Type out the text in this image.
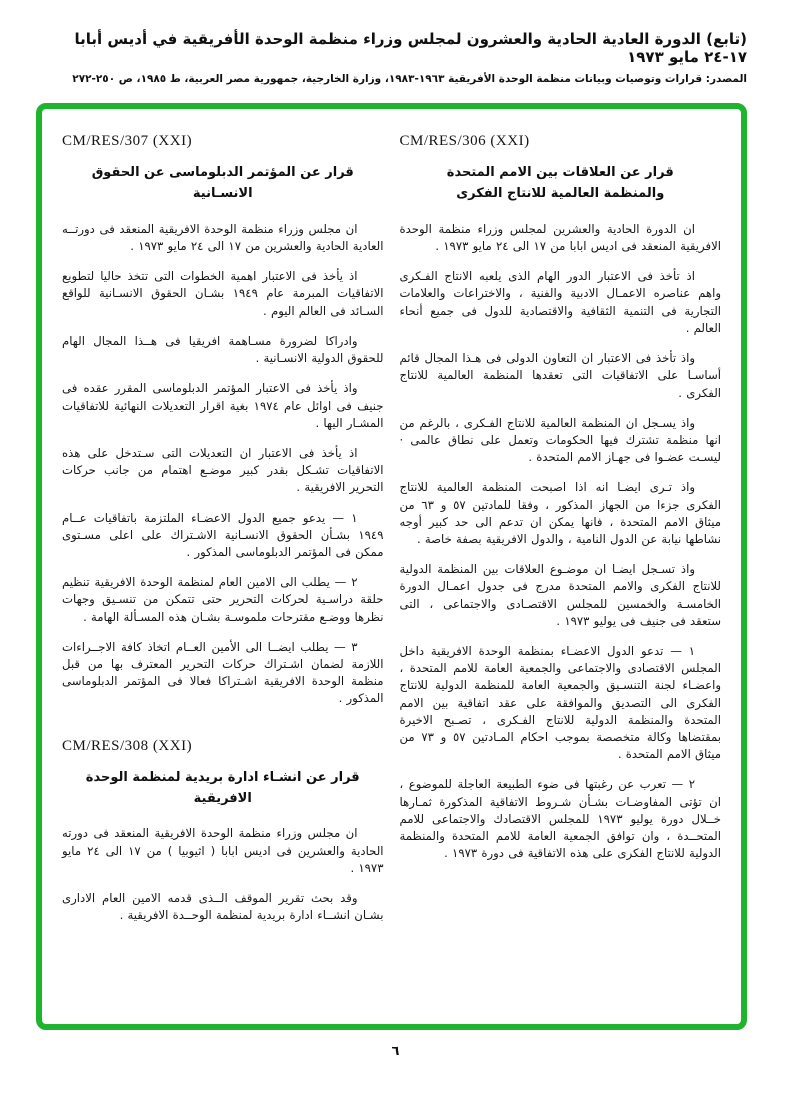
(تابع) الدورة العادية الحادية والعشرون لمجلس وزراء منظمة الوحدة الأفريقية في أديس أبابا ١٧-٢٤ مايو ١٩٧٣
المصدر: قرارات وتوصيات وبيانات منظمة الوحدة الأفريقية ١٩٦٣-١٩٨٣، وزارة الخارجية، جمهورية مصر العربية، ط ١٩٨٥، ص ٢٥٠-٢٧٢
CM/RES/306 (XXI)
قرار عن العلاقات بين الامم المتحدة
والمنظمة العالمية للانتاج الفكرى

ان الدورة الحادية والعشرين لمجلس وزراء منظمة الوحدة الافريقية المنعقد فى اديس ابابا من ١٧ الى ٢٤ مايو ١٩٧٣ .

اذ تأخذ فى الاعتبار الدور الهام الذى يلعبه الانتاج الفـكرى واهم عناصره الاعمـال الادبية والفنية ، والاختراعات والعلامات التجارية فى التنمية الثقافية والاقتصادية للدول فى جميع أنحاء العالم .

واذ تأخذ فى الاعتبار ان التعاون الدولى فى هـذا المجال قائم أساسـا على الاتفاقيات التى تعقدها المنظمة العالمية للانتاج الفكرى .

واذ يسـجل ان المنظمة العالمية للانتاج الفـكرى ، بالرغم من انها منظمة تشترك فيها الحكومات وتعمل على نطاق عالمى · ليسـت عضـوا فى جهـاز الامم المتحدة .

واذ تـرى ايضـا انه اذا اصبحت المنظمة العالمية للانتاج الفكرى جزءا من الجهاز المذكور ، وفقا للمادتين ٥٧ و ٦٣ من ميثاق الامم المتحدة ، فانها يمكن ان تدعم الى حد كبير أوجه نشاطها نيابة عن الدول النامية ، والدول الافريقية بصفة خاصة .

واذ تسـجل ايضـا ان موضـوع العلاقات بين المنظمة الدولية للانتاج الفكرى والامم المتحدة مدرج فى جدول اعمـال الدورة الخامسـة والخمسين للمجلس الاقتصـادى والاجتماعى ، التى ستعقد فى جنيف فى يوليو ١٩٧٣ .

١ — تدعو الدول الاعضـاء بمنظمة الوحدة الافريقية داخل المجلس الاقتصادى والاجتماعى والجمعية العامة للامم المتحدة ، واعضـاء لجنة التنسـيق والجمعية العامة للمنظمة الدولية للانتاج الفكرى الى التصديق والموافقة على عقد اتفاقية بين الامم المتحدة والمنظمة الدولية للانتاج الفـكرى ، تصـبح الاخيرة بمقتضاها وكالة متخصصة بموجب احكام المـادتين ٥٧ و ٧٣ من ميثاق الامم المتحدة .

٢ — تعرب عن رغبتها فى ضوء الطبيعة العاجلة للموضوع ، ان تؤتى المفاوضـات بشـأن شـروط الاتفاقية المذكورة ثمـارها خــلال دورة يوليو ١٩٧٣ للمجلس الاقتصادك والاجتماعى للامم المتحــدة ، وان توافق الجمعية العامة للامم المتحدة والمنظمة الدولية للانتاج الفكرى على هذه الاتفاقية فى دورة ١٩٧٣ .

CM/RES/307 (XXI)
قرار عن المؤتمر الدبلوماسى عن الحقوق الانسـانية

ان مجلس وزراء منظمة الوحدة الافريقية المنعقد فى دورتــه العادية الحادية والعشرين من ١٧ الى ٢٤ مايو ١٩٧٣ .

اذ يأخذ فى الاعتبار اهمية الخطوات التى تتخذ حاليا لتطويع الاتفاقيات المبرمة عام ١٩٤٩ بشـان الحقوق الانسـانية للواقع السـائد فى العالم اليوم .

وادراكا لضرورة مسـاهمة افريقيا فى هــذا المجال الهام للحقوق الدولية الانسـانية .

واذ يأخذ فى الاعتبار المؤتمر الدبلوماسى المقرر عقده فى جنيف فى اوائل عام ١٩٧٤ بغية اقرار التعديلات النهائية للاتفاقيات المشـار اليها .

اذ يأخذ فى الاعتبار ان التعديلات التى سـتدخل على هذه الاتفاقيات تشـكل بقدر كبير موضـع اهتمام من جانب حركات التحرير الافريقية .

١ — يدعو جميع الدول الاعضـاء الملتزمة باتفاقيات عــام ١٩٤٩ بشـأن الحقوق الانسـانية الاشـتراك على اعلى مسـتوى ممكن فى المؤتمر الدبلوماسى المذكور .

٢ — يطلب الى الامين العام لمنظمة الوحدة الافريقية تنظيم حلقة دراسـية لحركات التحرير حتى تتمكن من تنسـيق وجهات نظرها ووضـع مقترحات ملموسـة بشـان هذه المسـألة الهامة .

٣ — يطلب ايضــا الى الأمين العــام اتخاذ كافة الاجــراءات اللازمة لضمان اشـتراك حركات التحرير المعترف بها من قبل منظمة الوحدة الافريقية اشـتراكا فعالا فى المؤتمر الدبلوماسى المذكور .

CM/RES/308 (XXI)
قرار عن انشـاء ادارة بريدية لمنظمة الوحدة الافريقية

ان مجلس وزراء منظمة الوحدة الافريقية المنعقد فى دورته الحادية والعشرين فى اديس ابابا ( اثيوبيا ) من ١٧ الى ٢٤ مايو ١٩٧٣ .

وقد بحث تقرير الموقف الــذى قدمه الامين العام الادارى بشـان انشــاء ادارة بريدية لمنظمة الوحــدة الافريقية .

٦
